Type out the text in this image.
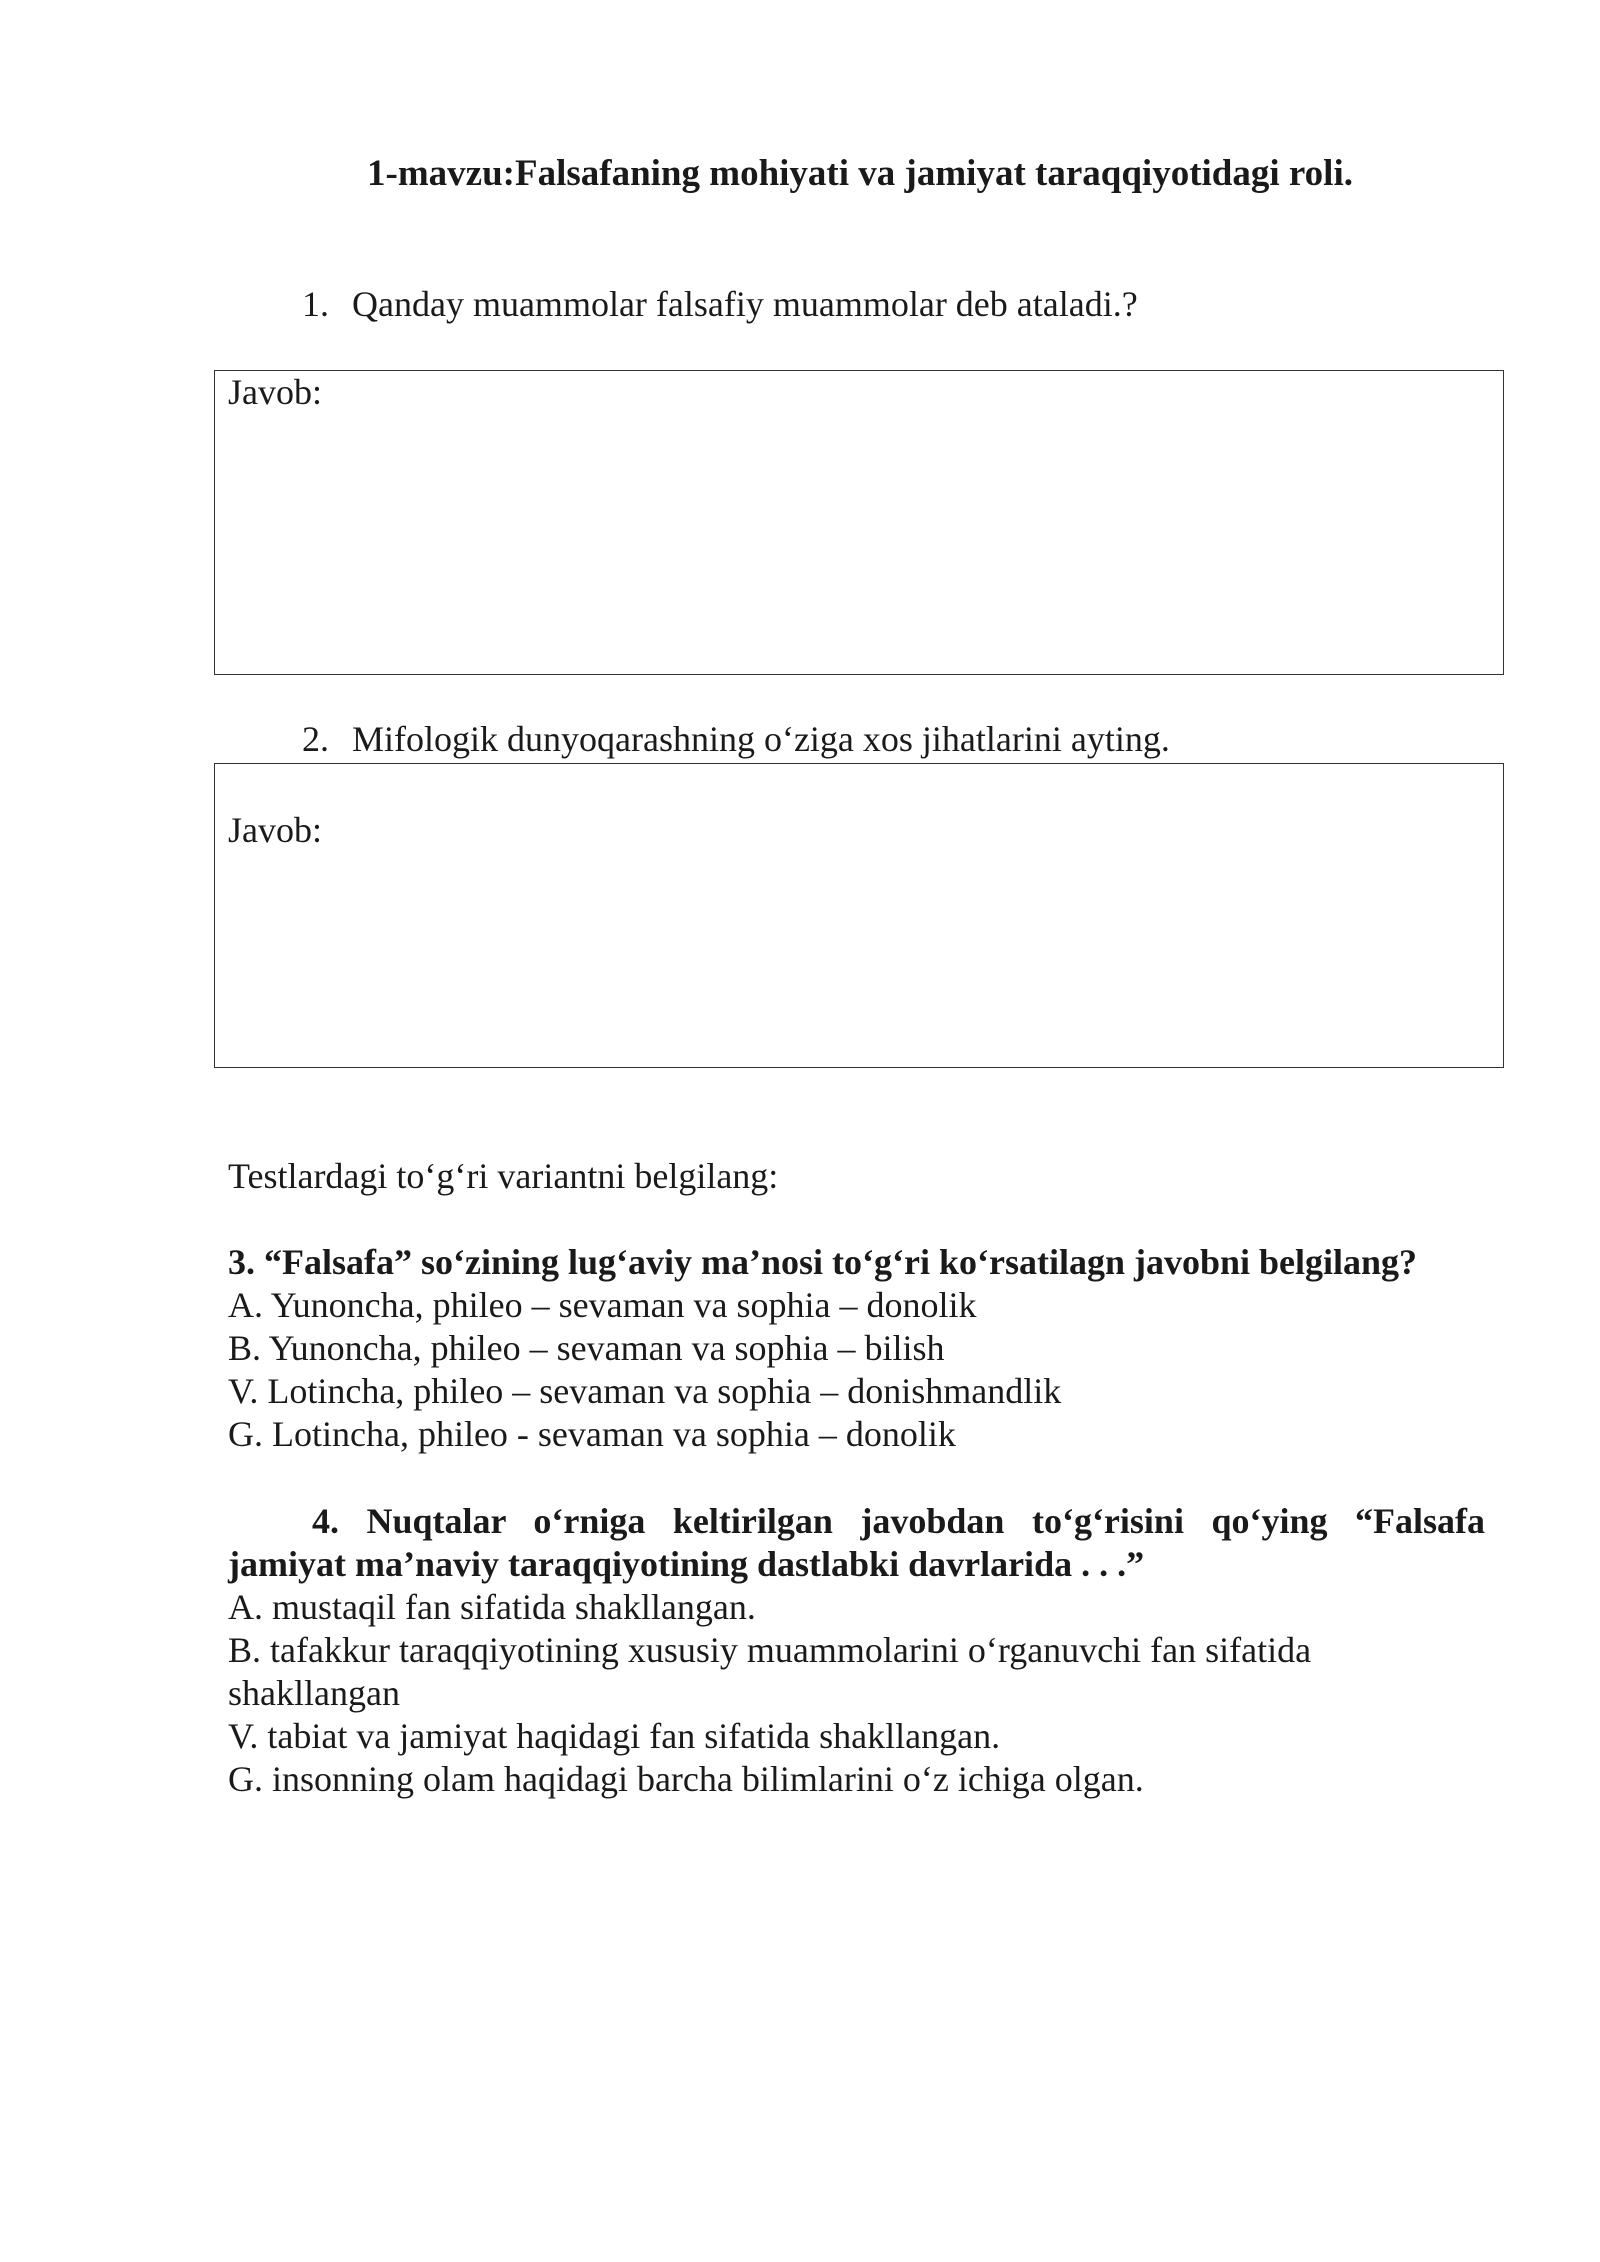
1-mavzu:Falsafaning mohiyati va jamiyat taraqqiyotidagi roli.
1. Qanday muammolar falsafiy muammolar deb ataladi.?
Javob:
2. Mifologik dunyoqarashning o‘ziga xos jihatlarini ayting.
Javob:
Testlardagi to‘g‘ri variantni belgilang:
3. “Falsafa” so‘zining lug‘aviy ma’nosi to‘g‘ri ko‘rsatilagn javobni belgilang?
A. Yunoncha, phileo – sevaman va sophia – donolik
B. Yunoncha, phileo – sevaman va sophia – bilish
V. Lotincha, phileo – sevaman va sophia – donishmandlik
G. Lotincha, phileo - sevaman va sophia – donolik
4. Nuqtalar o‘rniga keltirilgan javobdan to‘g‘risini qo‘ying “Falsafa
jamiyat ma’naviy taraqqiyotining dastlabki davrlarida . . .”
A. mustaqil fan sifatida shakllangan.
B. tafakkur taraqqiyotining xususiy muammolarini o‘rganuvchi fan sifatida
shakllangan
V. tabiat va jamiyat haqidagi fan sifatida shakllangan.
G. insonning olam haqidagi barcha bilimlarini o‘z ichiga olgan.
